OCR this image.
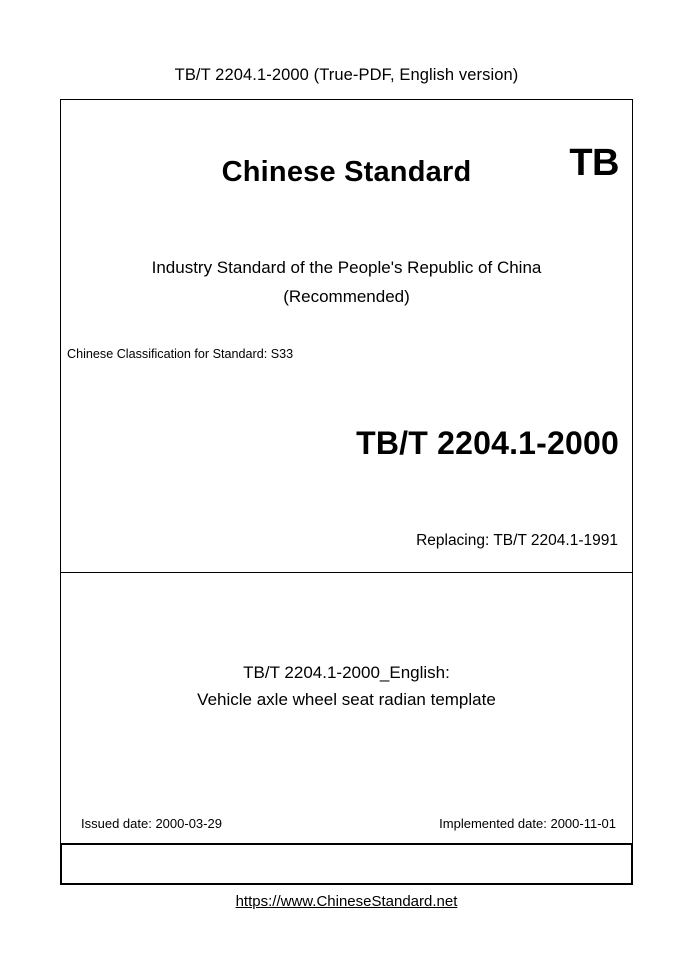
TB/T 2204.1-2000 (True-PDF, English version)
Chinese Standard	TB
Industry Standard of the People's Republic of China
(Recommended)
Chinese Classification for Standard: S33
TB/T 2204.1-2000
Replacing: TB/T 2204.1-1991
TB/T 2204.1-2000_English:
Vehicle axle wheel seat radian template
Issued date: 2000-03-29	Implemented date: 2000-11-01
https://www.ChineseStandard.net
